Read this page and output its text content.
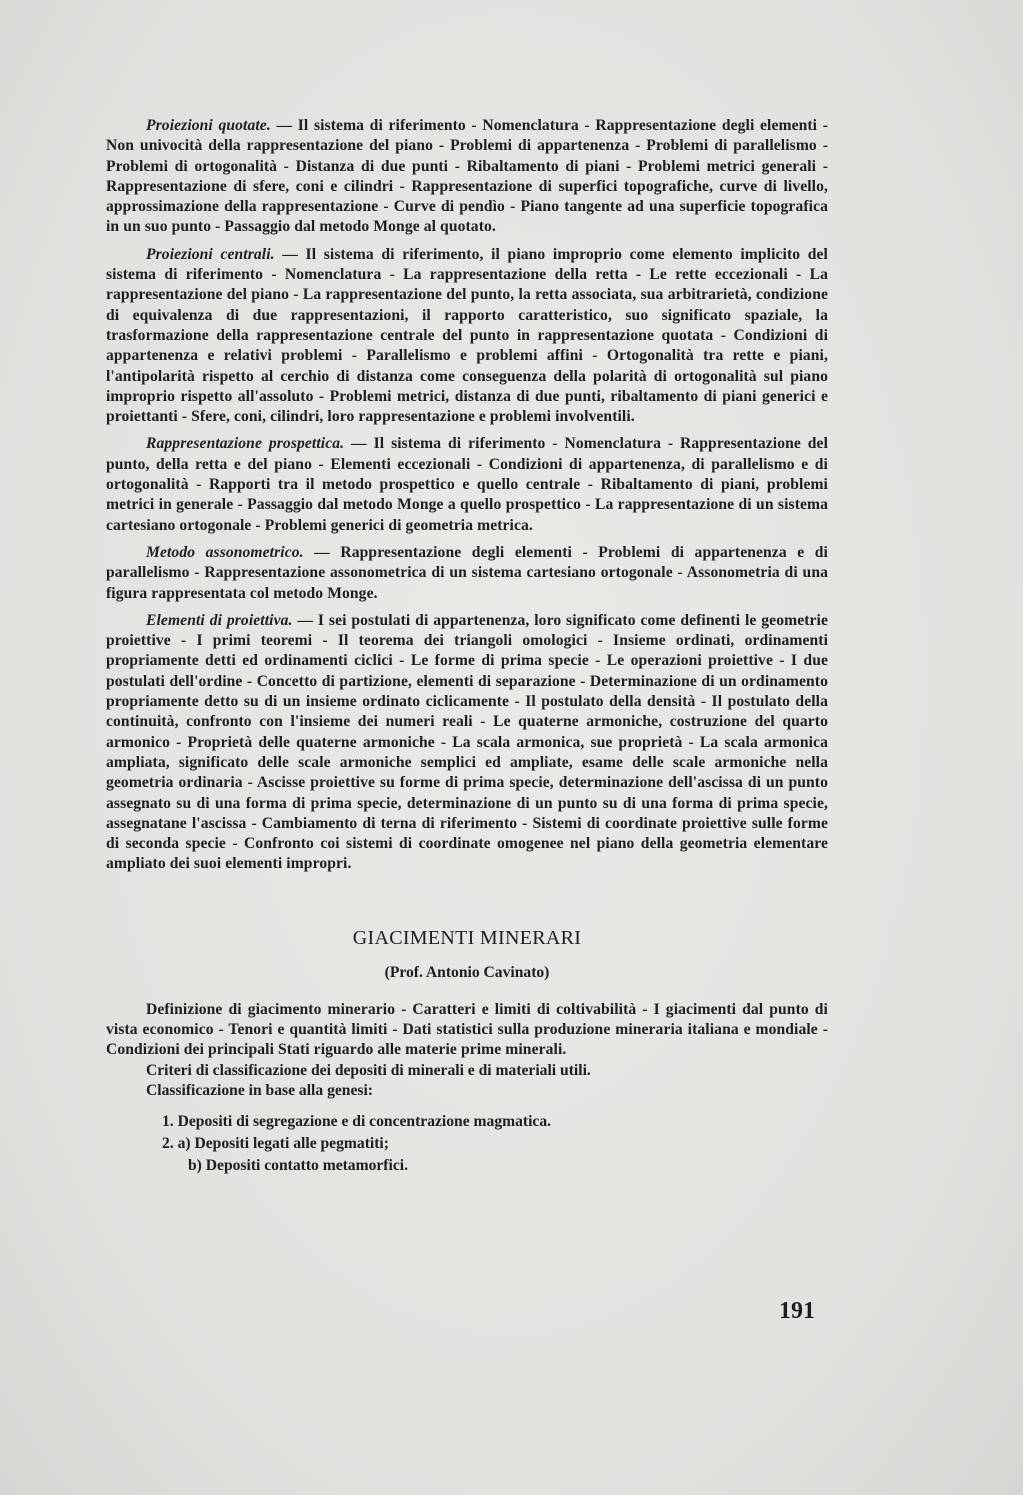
Proiezioni quotate. — Il sistema di riferimento - Nomenclatura - Rappresentazione degli elementi - Non univocità della rappresentazione del piano - Problemi di appartenenza - Problemi di parallelismo - Problemi di ortogonalità - Distanza di due punti - Ribaltamento di piani - Problemi metrici generali - Rappresentazione di sfere, coni e cilindri - Rappresentazione di superfici topografiche, curve di livello, approssimazione della rappresentazione - Curve di pendìo - Piano tangente ad una superficie topografica in un suo punto - Passaggio dal metodo Monge al quotato.

Proiezioni centrali. — Il sistema di riferimento, il piano improprio come elemento implicito del sistema di riferimento - Nomenclatura - La rappresentazione della retta - Le rette eccezionali - La rappresentazione del piano - La rappresentazione del punto, la retta associata, sua arbitrarietà, condizione di equivalenza di due rappresentazioni, il rapporto caratteristico, suo significato spaziale, la trasformazione della rappresentazione centrale del punto in rappresentazione quotata - Condizioni di appartenenza e relativi problemi - Parallelismo e problemi affini - Ortogonalità tra rette e piani, l'antipolarità rispetto al cerchio di distanza come conseguenza della polarità di ortogonalità sul piano improprio rispetto all'assoluto - Problemi metrici, distanza di due punti, ribaltamento di piani generici e proiettanti - Sfere, coni, cilindri, loro rappresentazione e problemi involventili.

Rappresentazione prospettica. — Il sistema di riferimento - Nomenclatura - Rappresentazione del punto, della retta e del piano - Elementi eccezionali - Condizioni di appartenenza, di parallelismo e di ortogonalità - Rapporti tra il metodo prospettico e quello centrale - Ribaltamento di piani, problemi metrici in generale - Passaggio dal metodo Monge a quello prospettico - La rappresentazione di un sistema cartesiano ortogonale - Problemi generici di geometria metrica.

Metodo assonometrico. — Rappresentazione degli elementi - Problemi di appartenenza e di parallelismo - Rappresentazione assonometrica di un sistema cartesiano ortogonale - Assonometria di una figura rappresentata col metodo Monge.

Elementi di proiettiva. — I sei postulati di appartenenza, loro significato come definenti le geometrie proiettive - I primi teoremi - Il teorema dei triangoli omologici - Insieme ordinati, ordinamenti propriamente detti ed ordinamenti ciclici - Le forme di prima specie - Le operazioni proiettive - I due postulati dell'ordine - Concetto di partizione, elementi di separazione - Determinazione di un ordinamento propriamente detto su di un insieme ordinato ciclicamente - Il postulato della densità - Il postulato della continuità, confronto con l'insieme dei numeri reali - Le quaterne armoniche, costruzione del quarto armonico - Proprietà delle quaterne armoniche - La scala armonica, sue proprietà - La scala armonica ampliata, significato delle scale armoniche semplici ed ampliate, esame delle scale armoniche nella geometria ordinaria - Ascisse proiettive su forme di prima specie, determinazione dell'ascissa di un punto assegnato su di una forma di prima specie, determinazione di un punto su di una forma di prima specie, assegnatane l'ascissa - Cambiamento di terna di riferimento - Sistemi di coordinate proiettive sulle forme di seconda specie - Confronto coi sistemi di coordinate omogenee nel piano della geometria elementare ampliato dei suoi elementi impropri.

GIACIMENTI MINERARI

(Prof. Antonio Cavinato)

Definizione di giacimento minerario - Caratteri e limiti di coltivabilità - I giacimenti dal punto di vista economico - Tenori e quantità limiti - Dati statistici sulla produzione mineraria italiana e mondiale - Condizioni dei principali Stati riguardo alle materie prime minerali.

Criteri di classificazione dei depositi di minerali e di materiali utili.

Classificazione in base alla genesi:

1. Depositi di segregazione e di concentrazione magmatica.
2. a) Depositi legati alle pegmatiti;
b) Depositi contatto metamorfici.
191
